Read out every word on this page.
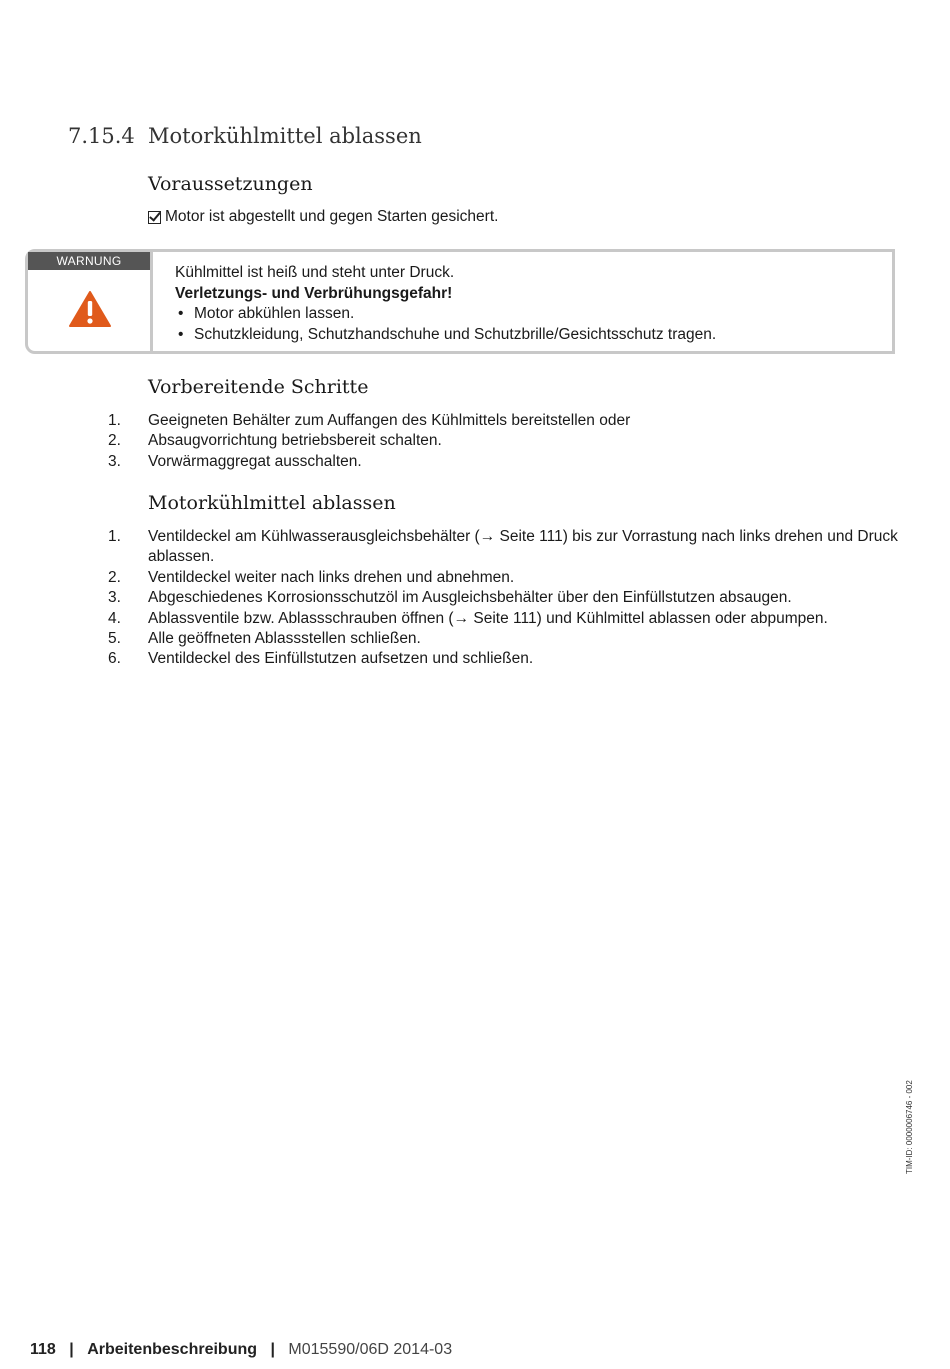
7.15.4 Motorkühlmittel ablassen
Voraussetzungen
Motor ist abgestellt und gegen Starten gesichert.
WARNUNG
Kühlmittel ist heiß und steht unter Druck.
Verletzungs- und Verbrühungsgefahr!
• Motor abkühlen lassen.
• Schutzkleidung, Schutzhandschuhe und Schutzbrille/Gesichtsschutz tragen.
Vorbereitende Schritte
1.	Geeigneten Behälter zum Auffangen des Kühlmittels bereitstellen oder
2.	Absaugvorrichtung betriebsbereit schalten.
3.	Vorwärmaggregat ausschalten.
Motorkühlmittel ablassen
1.	Ventildeckel am Kühlwasserausgleichsbehälter (→ Seite 111) bis zur Vorrastung nach links drehen und Druck ablassen.
2.	Ventildeckel weiter nach links drehen und abnehmen.
3.	Abgeschiedenes Korrosionsschutzöl im Ausgleichsbehälter über den Einfüllstutzen absaugen.
4.	Ablassventile bzw. Ablassschrauben öffnen (→ Seite 111) und Kühlmittel ablassen oder abpumpen.
5.	Alle geöffneten Ablassstellen schließen.
6.	Ventildeckel des Einfüllstutzen aufsetzen und schließen.
TIM-ID: 0000006746 - 002
118 | Arbeitenbeschreibung | M015590/06D 2014-03
